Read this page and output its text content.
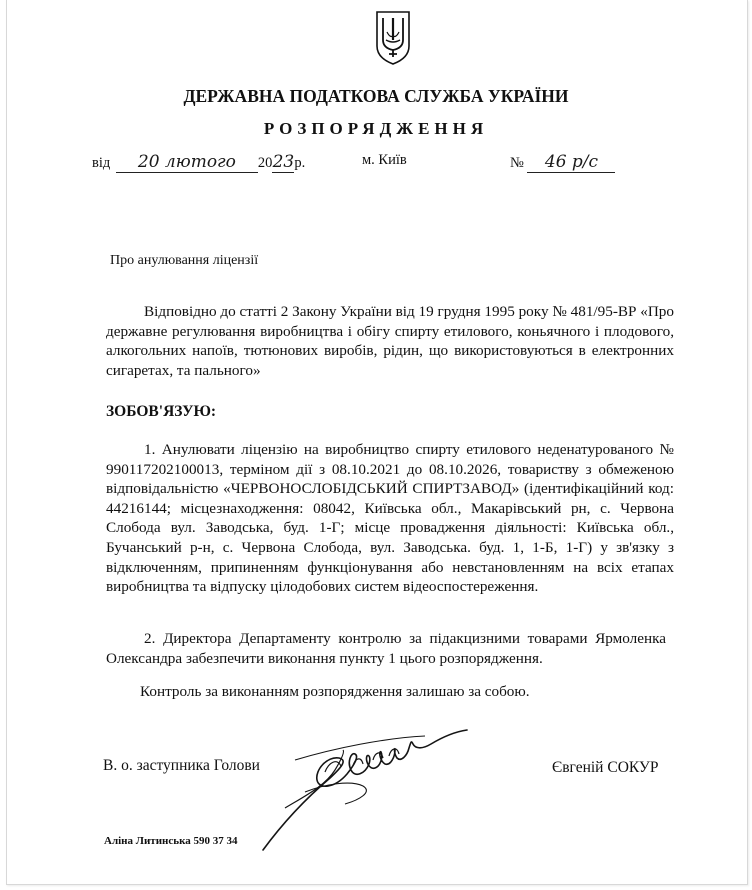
ДЕРЖАВНА ПОДАТКОВА СЛУЖБА УКРАЇНИ
РОЗПОРЯДЖЕННЯ
від 20 лютого 2023р.	м. Київ	№ 46 р/с
Про анулювання ліцензії
Відповідно до статті 2 Закону України від 19 грудня 1995 року № 481/95-ВР «Про державне регулювання виробництва і обігу спирту етилового, коньячного і плодового, алкогольних напоїв, тютюнових виробів, рідин, що використовуються в електронних сигаретах, та пального»
ЗОБОВ'ЯЗУЮ:
1. Анулювати ліцензію на виробництво спирту етилового неденатурованого № 990117202100013, терміном дії з 08.10.2021 до 08.10.2026, товариству з обмеженою відповідальністю «ЧЕРВОНОСЛОБІДСЬКИЙ СПИРТЗАВОД» (ідентифікаційний код: 44216144; місцезнаходження: 08042, Київська обл., Макарівський рн, с. Червона Слобода вул. Заводська, буд. 1-Г; місце провадження діяльності: Київська обл., Бучанський р-н, с. Червона Слобода, вул. Заводська. буд. 1, 1-Б, 1-Г) у зв'язку з відключенням, припиненням функціонування або невстановленням на всіх етапах виробництва та відпуску цілодобових систем відеоспостереження.
2. Директора Департаменту контролю за підакцизними товарами Ярмоленка Олександра забезпечити виконання пункту 1 цього розпорядження.
Контроль за виконанням розпорядження залишаю за собою.
В. о. заступника Голови	Євгеній СОКУР
Аліна Литинська 590 37 34
